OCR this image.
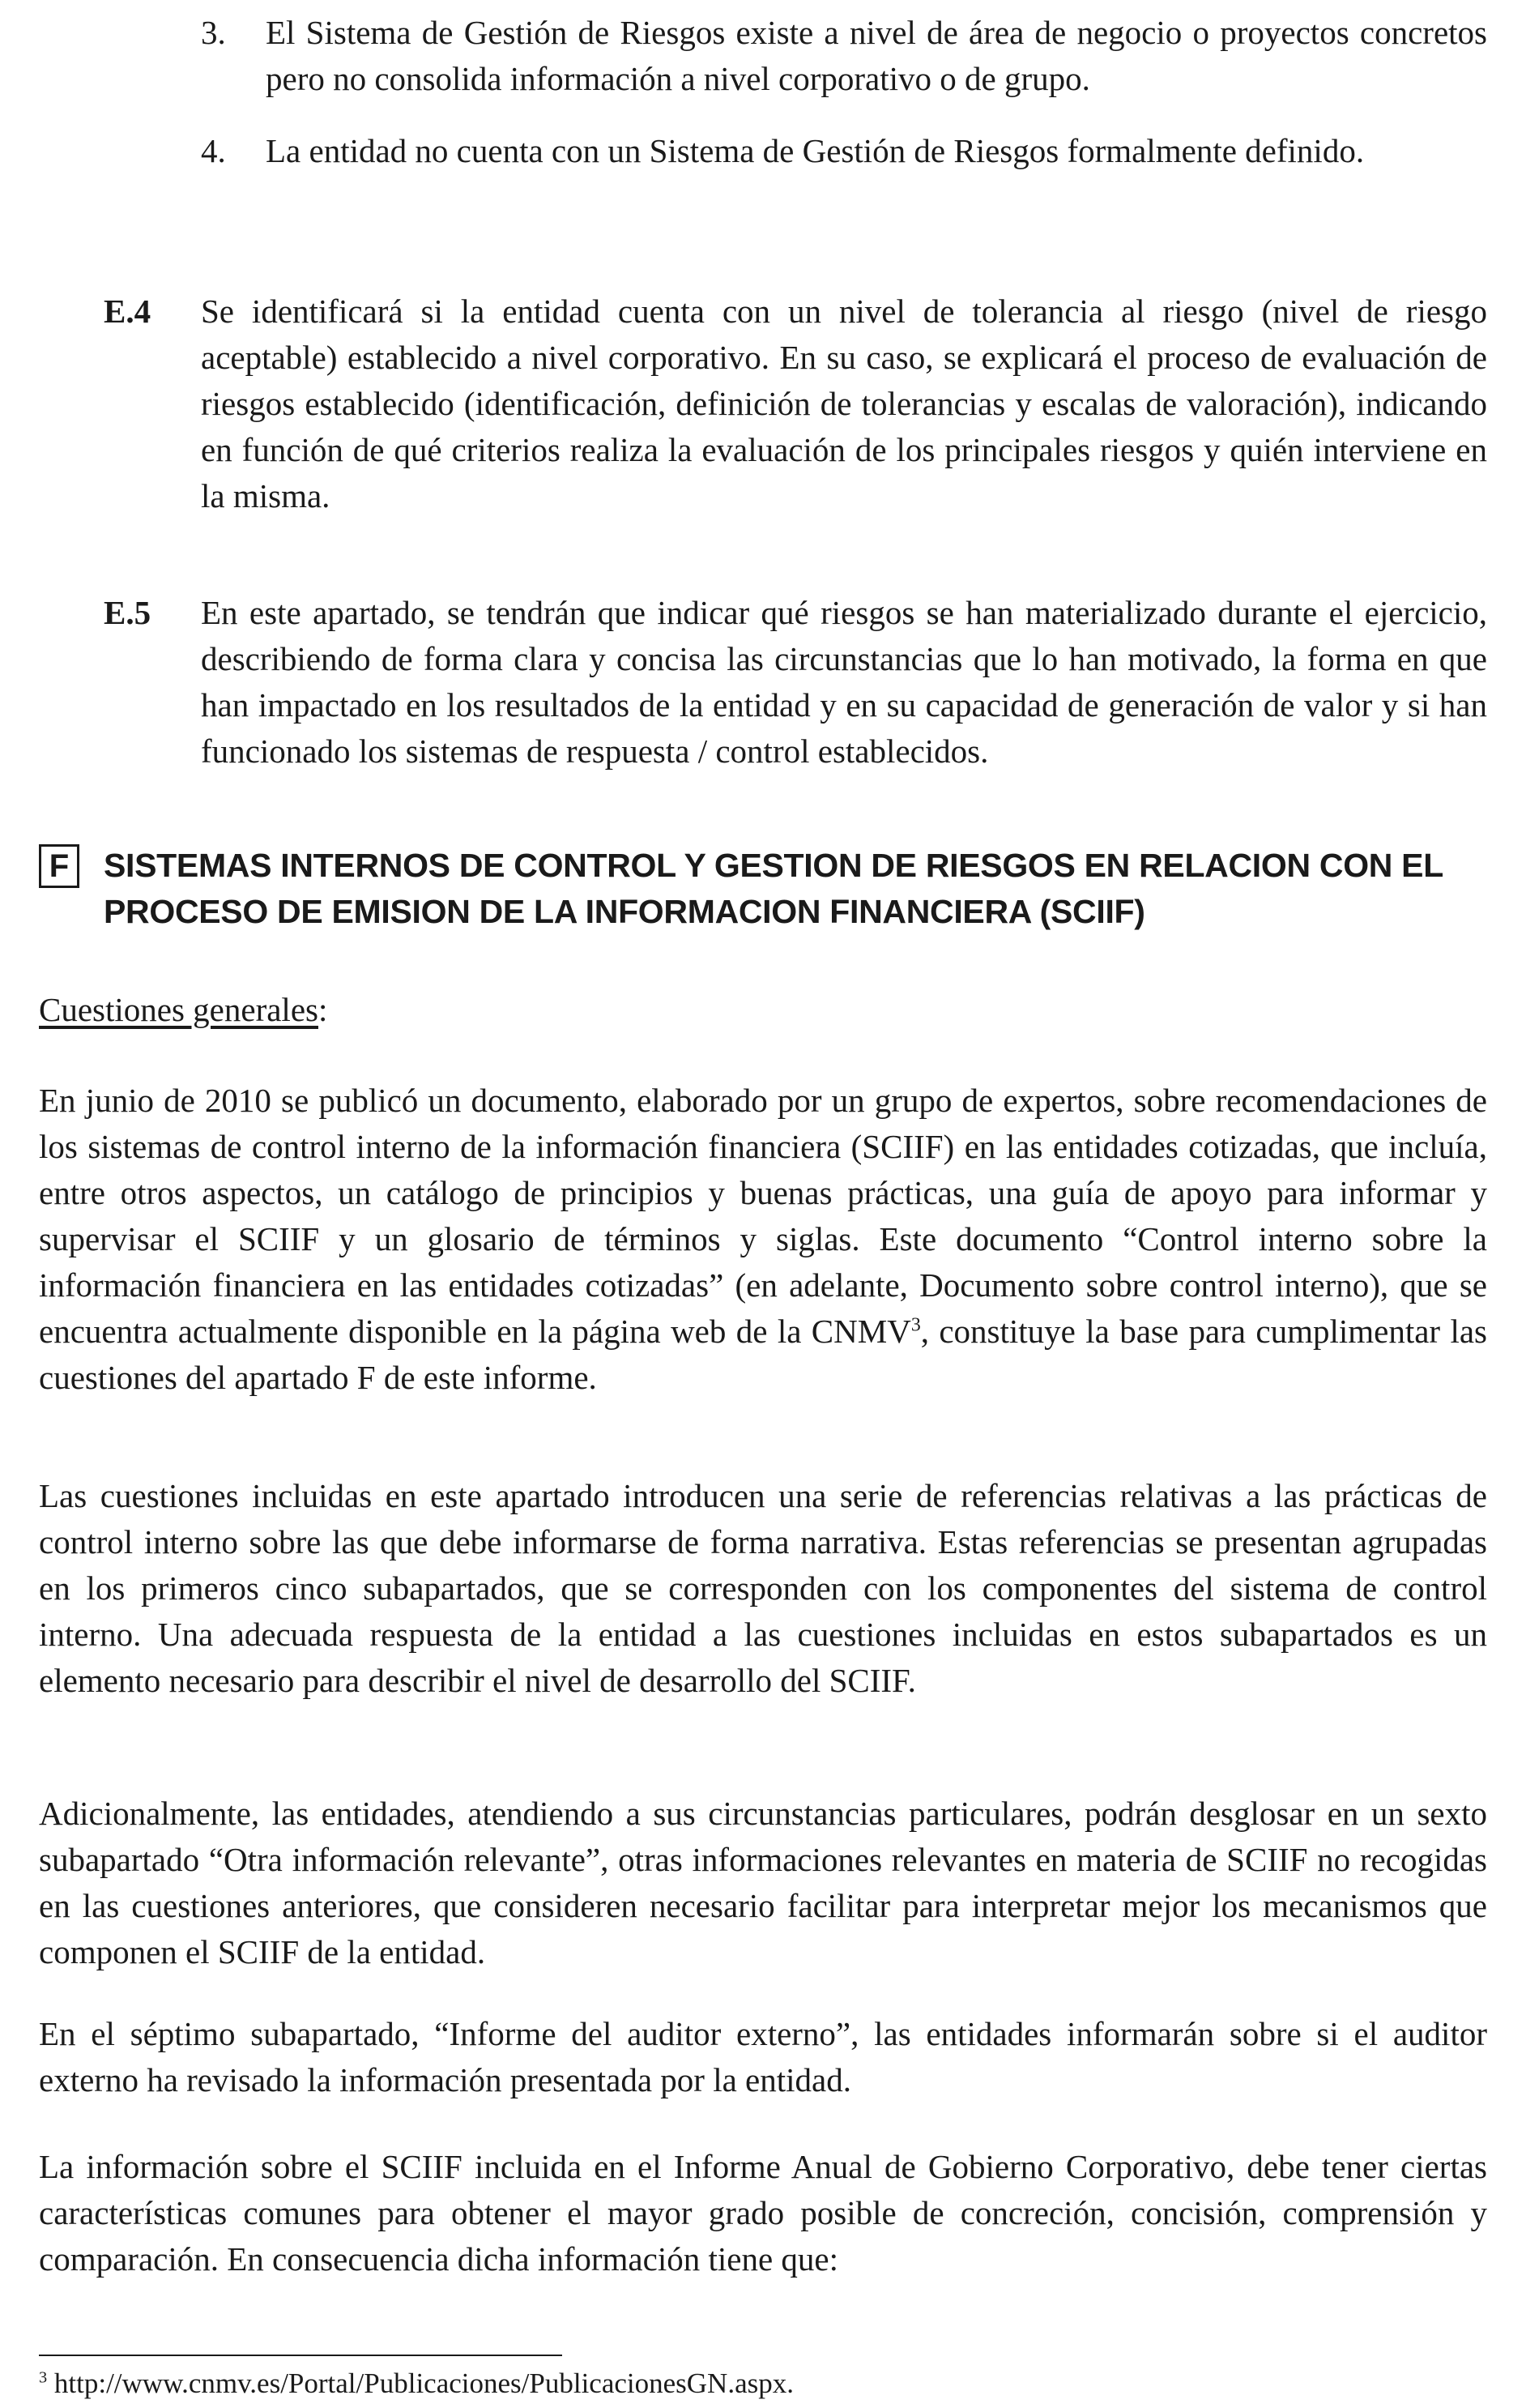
3. El Sistema de Gestión de Riesgos existe a nivel de área de negocio o proyectos concretos pero no consolida información a nivel corporativo o de grupo.

4. La entidad no cuenta con un Sistema de Gestión de Riesgos formalmente definido.

E.4 Se identificará si la entidad cuenta con un nivel de tolerancia al riesgo (nivel de riesgo aceptable) establecido a nivel corporativo. En su caso, se explicará el proceso de evaluación de riesgos establecido (identificación, definición de tolerancias y escalas de valoración), indicando en función de qué criterios realiza la evaluación de los principales riesgos y quién interviene en la misma.

E.5 En este apartado, se tendrán que indicar qué riesgos se han materializado durante el ejercicio, describiendo de forma clara y concisa las circunstancias que lo han motivado, la forma en que han impactado en los resultados de la entidad y en su capacidad de generación de valor y si han funcionado los sistemas de respuesta / control establecidos.

F	SISTEMAS INTERNOS DE CONTROL Y GESTION DE RIESGOS EN RELACION CON EL
PROCESO DE EMISION DE LA INFORMACION FINANCIERA (SCIIF)
Cuestiones generales:

En junio de 2010 se publicó un documento, elaborado por un grupo de expertos, sobre recomendaciones de los sistemas de control interno de la información financiera (SCIIF) en las entidades cotizadas, que incluía, entre otros aspectos, un catálogo de principios y buenas prácticas, una guía de apoyo para informar y supervisar el SCIIF y un glosario de términos y siglas. Este documento “Control interno sobre la información financiera en las entidades cotizadas” (en adelante, Documento sobre control interno), que se encuentra actualmente disponible en la página web de la CNMV$^3$, constituye la base para cumplimentar las cuestiones del apartado F de este informe.

Las cuestiones incluidas en este apartado introducen una serie de referencias relativas a las prácticas de control interno sobre las que debe informarse de forma narrativa. Estas referencias se presentan agrupadas en los primeros cinco subapartados, que se corresponden con los componentes del sistema de control interno. Una adecuada respuesta de la entidad a las cuestiones incluidas en estos subapartados es un elemento necesario para describir el nivel de desarrollo del SCIIF.

Adicionalmente, las entidades, atendiendo a sus circunstancias particulares, podrán desglosar en un sexto subapartado “Otra información relevante”, otras informaciones relevantes en materia de SCIIF no recogidas en las cuestiones anteriores, que consideren necesario facilitar para interpretar mejor los mecanismos que componen el SCIIF de la entidad.

En el séptimo subapartado, “Informe del auditor externo”, las entidades informarán sobre si el auditor externo ha revisado la información presentada por la entidad.

La información sobre el SCIIF incluida en el Informe Anual de Gobierno Corporativo, debe tener ciertas características comunes para obtener el mayor grado posible de concreción, concisión, comprensión y comparación. En consecuencia dicha información tiene que:

$^3$ http://www.cnmv.es/Portal/Publicaciones/PublicacionesGN.aspx.
